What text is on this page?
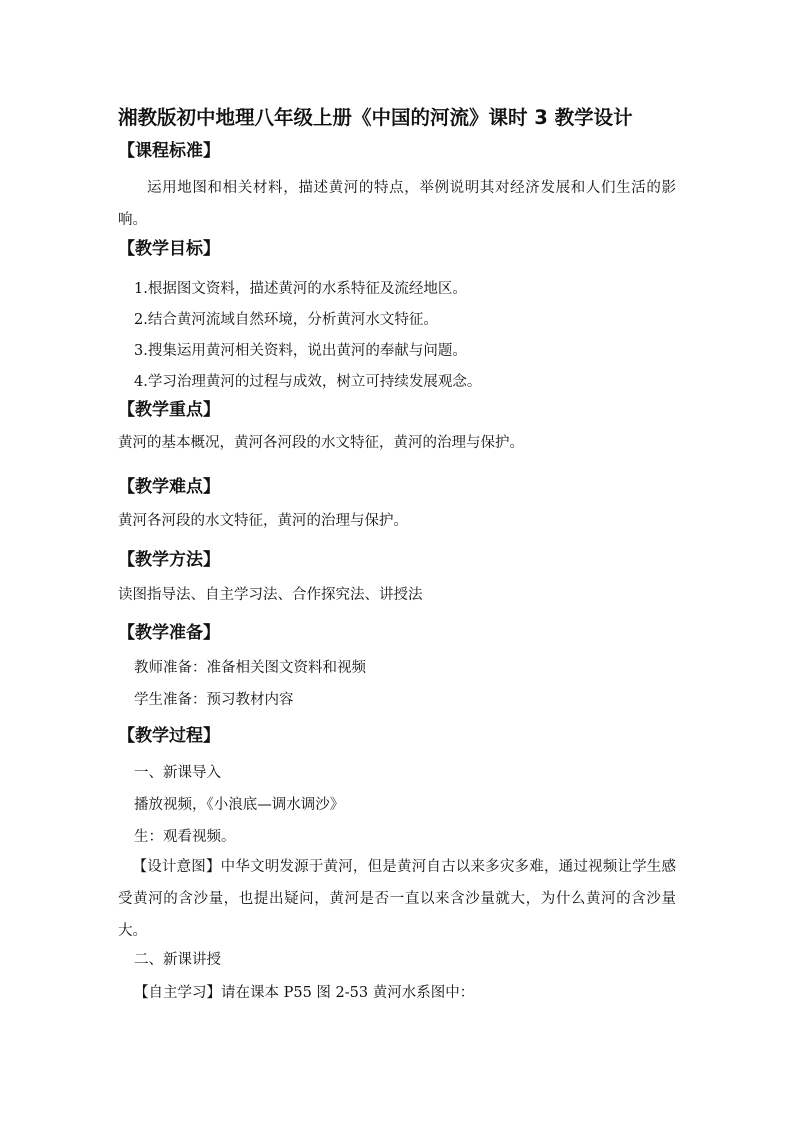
湘教版初中地理八年级上册《中国的河流》课时 3 教学设计
【课程标准】
运用地图和相关材料，描述黄河的特点，举例说明其对经济发展和人们生活的影响。
【教学目标】
1.根据图文资料，描述黄河的水系特征及流经地区。
2.结合黄河流域自然环境，分析黄河水文特征。
3.搜集运用黄河相关资料，说出黄河的奉献与问题。
4.学习治理黄河的过程与成效，树立可持续发展观念。
【教学重点】
黄河的基本概况，黄河各河段的水文特征，黄河的治理与保护。
【教学难点】
黄河各河段的水文特征，黄河的治理与保护。
【教学方法】
读图指导法、自主学习法、合作探究法、讲授法
【教学准备】
教师准备：准备相关图文资料和视频
学生准备：预习教材内容
【教学过程】
一、新课导入
播放视频，《小浪底—调水调沙》
生：观看视频。
【设计意图】中华文明发源于黄河，但是黄河自古以来多灾多难，通过视频让学生感受黄河的含沙量，也提出疑问，黄河是否一直以来含沙量就大，为什么黄河的含沙量大。
二、新课讲授
【自主学习】请在课本 P55 图 2-53 黄河水系图中：
